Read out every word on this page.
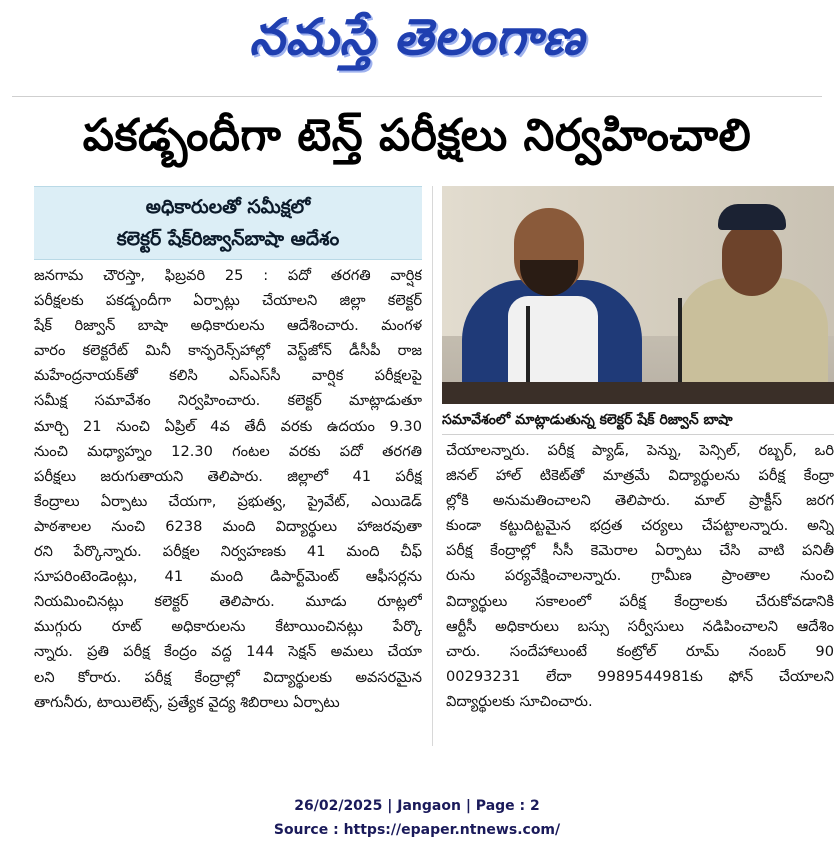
నమస్తే తెలంగాణ
పకడ్బందీగా టెన్త్ పరీక్షలు నిర్వహించాలి
అధికారులతో సమీక్షలో
కలెక్టర్ షేక్‌రిజ్వాన్‌బాషా ఆదేశం
జనగామ చౌరస్తా, ఫిబ్రవరి 25 : పదో తరగతి వార్షిక
పరీక్షలకు పకడ్బందీగా ఏర్పాట్లు చేయాలని జిల్లా కలెక్టర్
షేక్ రిజ్వాన్ బాషా అధికారులను ఆదేశించారు. మంగళ
వారం కలెక్టరేట్ మినీ కాన్ఫరెన్స్‌హాల్లో వెస్ట్‌జోన్ డీసీపీ రాజ
మహేంద్రనాయక్‌తో కలిసి ఎస్ఎస్‌సీ వార్షిక పరీక్షలపై
సమీక్ష సమావేశం నిర్వహించారు. కలెక్టర్ మాట్లాడుతూ
మార్చి 21 నుంచి ఏప్రిల్ 4వ తేదీ వరకు ఉదయం 9.30
నుంచి మధ్యాహ్నం 12.30 గంటల వరకు పదో తరగతి
పరీక్షలు జరుగుతాయని తెలిపారు. జిల్లాలో 41 పరీక్ష
కేంద్రాలు ఏర్పాటు చేయగా, ప్రభుత్వ, ప్రైవేట్, ఎయిడెడ్
పాఠశాలల నుంచి 6238 మంది విద్యార్థులు హాజరవుతా
రని పేర్కొన్నారు. పరీక్షల నిర్వహణకు 41 మంది చీఫ్
సూపరింటెండెంట్లు, 41 మంది డిపార్ట్‌మెంట్ ఆఫీసర్లను
నియమించినట్లు కలెక్టర్ తెలిపారు. మూడు రూట్లలో
ముగ్గురు రూట్ అధికారులను కేటాయించినట్లు పేర్కొ
న్నారు. ప్రతి పరీక్ష కేంద్రం వద్ద 144 సెక్షన్ అమలు చేయా
లని కోరారు. పరీక్ష కేంద్రాల్లో విద్యార్థులకు అవసరమైన
తాగునీరు, టాయిలెట్స్, ప్రత్యేక వైద్య శిబిరాలు ఏర్పాటు
సమావేశంలో మాట్లాడుతున్న కలెక్టర్ షేక్ రిజ్వాన్ బాషా
చేయాలన్నారు. పరీక్ష ప్యాడ్, పెన్ను, పెన్సిల్, రబ్బర్, ఒరి
జినల్ హాల్ టికెట్‌తో మాత్రమే విద్యార్థులను పరీక్ష కేంద్రా
ల్లోకి అనుమతించాలని తెలిపారు. మాల్ ప్రాక్టీస్ జరగ
కుండా కట్టుదిట్టమైన భద్రత చర్యలు చేపట్టాలన్నారు. అన్ని
పరీక్ష కేంద్రాల్లో సీసీ కెమెరాల ఏర్పాటు చేసి వాటి పనితీ
రును పర్యవేక్షించాలన్నారు. గ్రామీణ ప్రాంతాల నుంచి
విద్యార్థులు సకాలంలో పరీక్ష కేంద్రాలకు చేరుకోవడానికి
ఆర్టీసీ అధికారులు బస్సు సర్వీసులు నడిపించాలని ఆదేశిం
చారు. సందేహాలుంటే కంట్రోల్ రూమ్ నంబర్ 90
00293231 లేదా 9989544981కు ఫోన్ చేయాలని
విద్యార్థులకు సూచించారు.
26/02/2025 | Jangaon | Page : 2
Source : https://epaper.ntnews.com/
